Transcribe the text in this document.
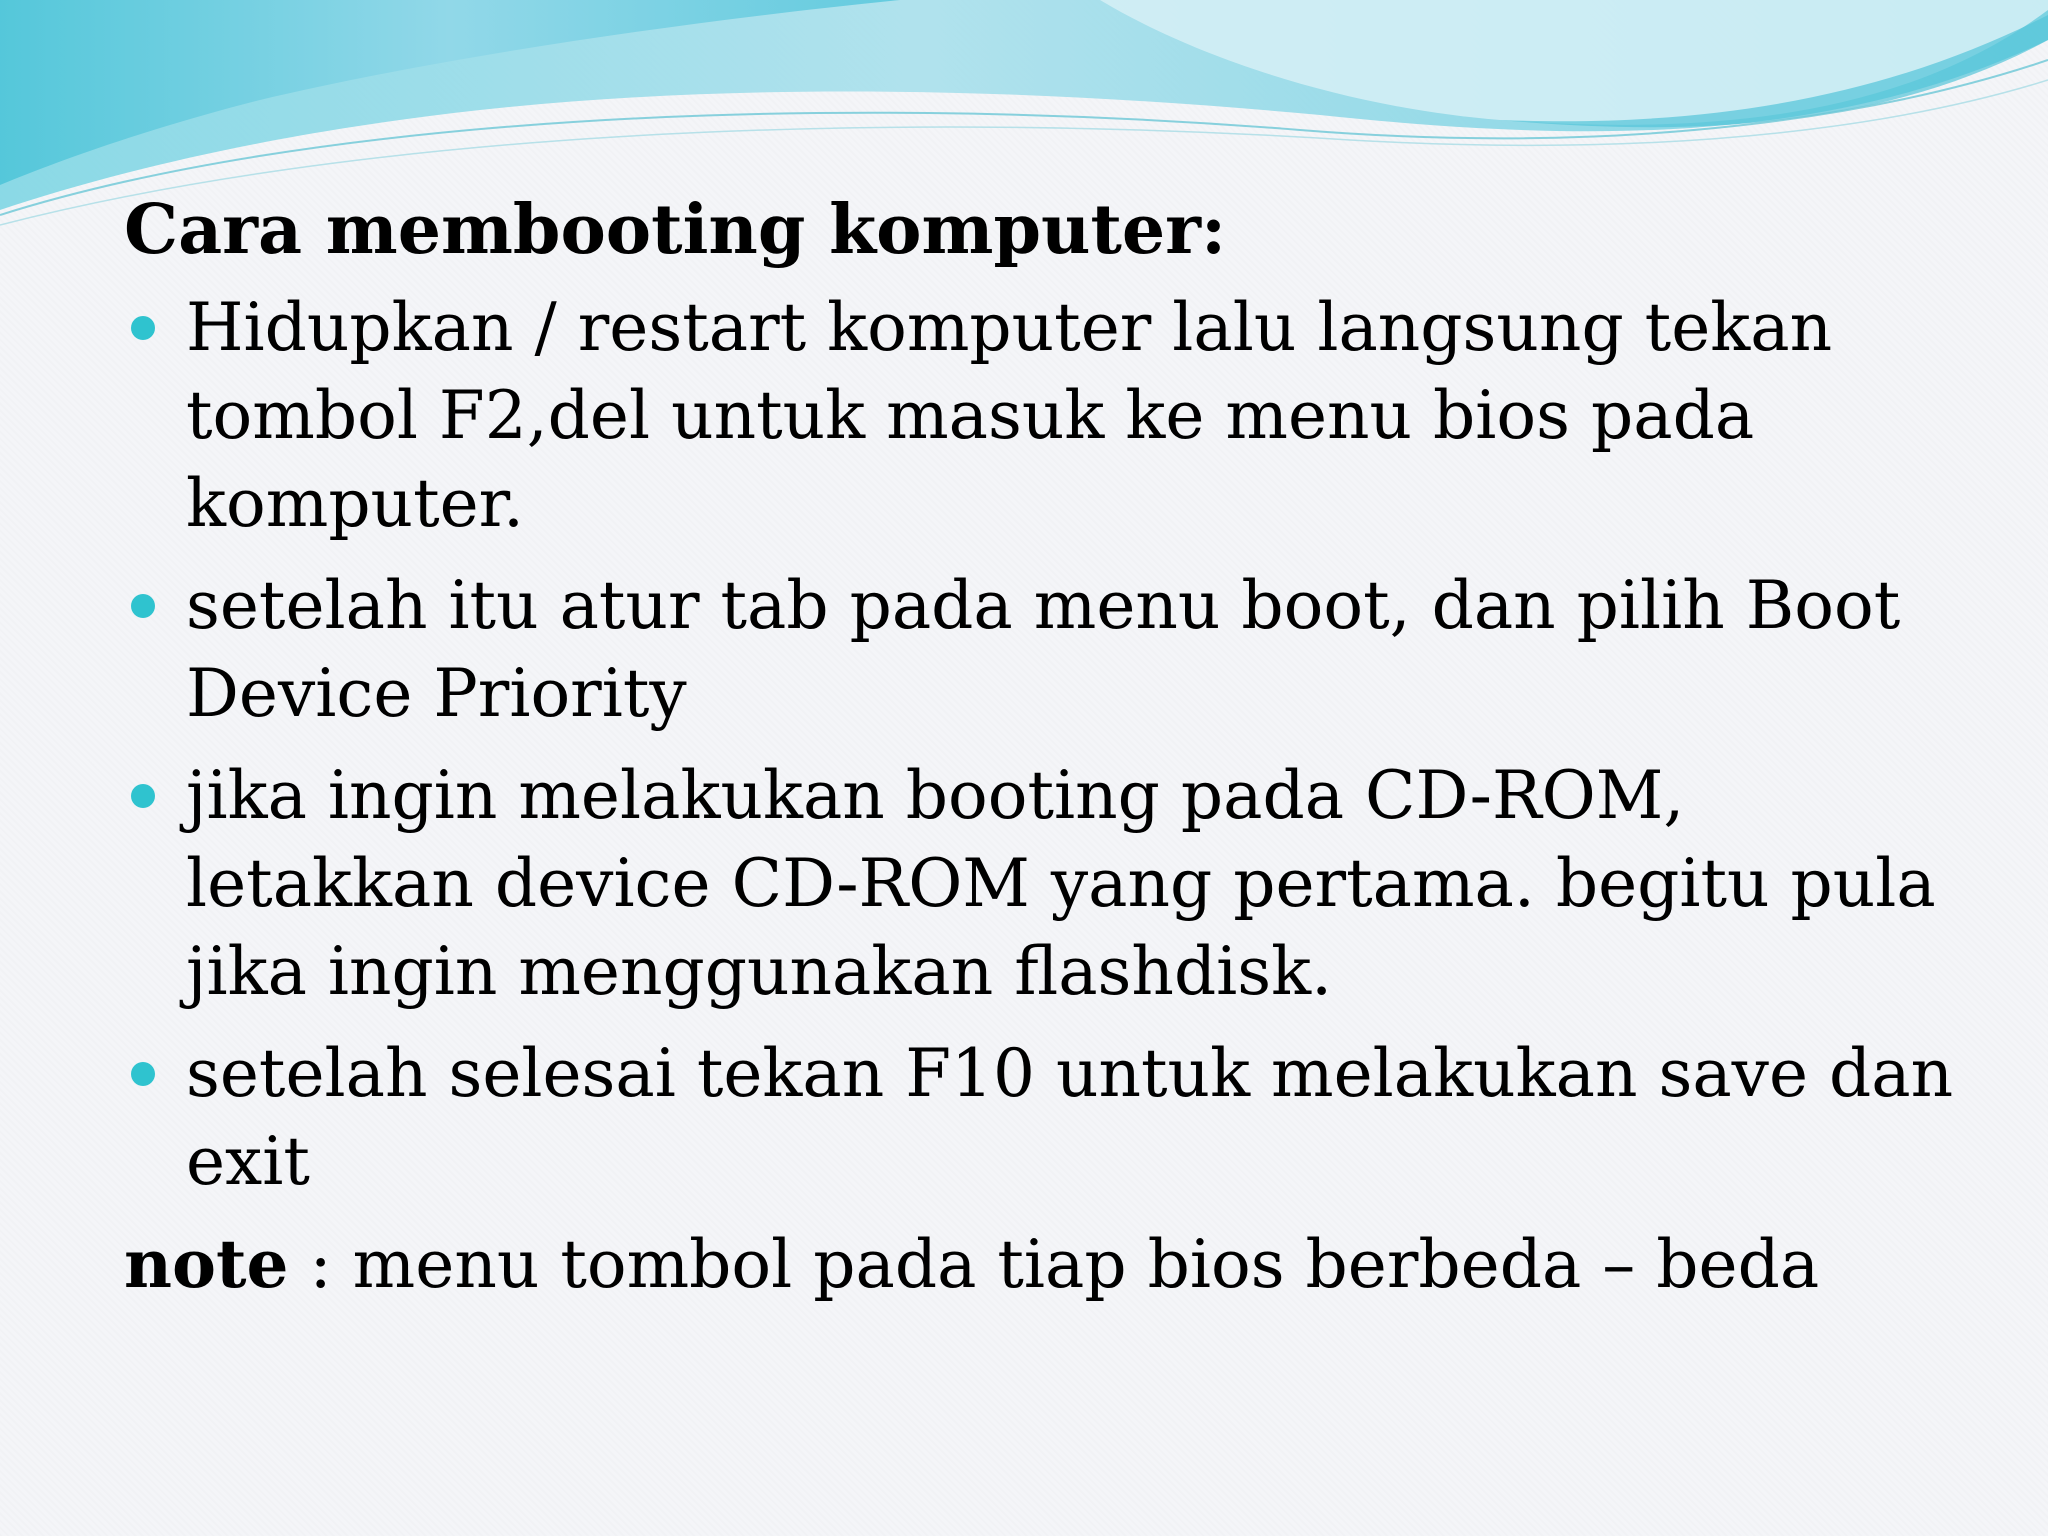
Cara membooting komputer:
Hidupkan / restart komputer lalu langsung tekan tombol F2,del untuk masuk ke menu bios pada komputer.
setelah itu atur tab pada menu boot, dan pilih Boot Device Priority
jika ingin melakukan booting pada CD-ROM, letakkan device CD-ROM yang pertama. begitu pula jika ingin menggunakan flashdisk.
setelah selesai tekan F10 untuk melakukan save dan exit

note : menu tombol pada tiap bios berbeda – beda
